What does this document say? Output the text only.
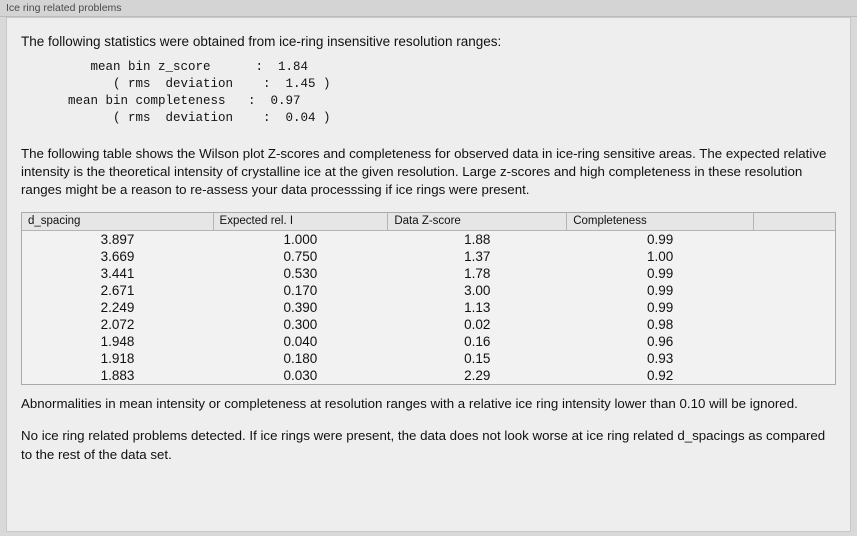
Ice ring related problems
The following statistics were obtained from ice-ring insensitive resolution ranges:
mean bin z_score      :  1.84
( rms  deviation    :  1.45 )
mean bin completeness   :  0.97
( rms  deviation    :  0.04 )
The following table shows the Wilson plot Z-scores and completeness for observed data in ice-ring sensitive areas. The expected relative intensity is the theoretical intensity of crystalline ice at the given resolution. Large z-scores and high completeness in these resolution ranges might be a reason to re-assess your data processsing if ice rings were present.
d_spacing	Expected rel. I	Data Z-score	Completeness	
3.897	1.000	1.88	0.99	
3.669	0.750	1.37	1.00	
3.441	0.530	1.78	0.99	
2.671	0.170	3.00	0.99	
2.249	0.390	1.13	0.99	
2.072	0.300	0.02	0.98	
1.948	0.040	0.16	0.96	
1.918	0.180	0.15	0.93	
1.883	0.030	2.29	0.92	
Abnormalities in mean intensity or completeness at resolution ranges with a relative ice ring intensity lower than 0.10 will be ignored.
No ice ring related problems detected. If ice rings were present, the data does not look worse at ice ring related d_spacings as compared to the rest of the data set.
